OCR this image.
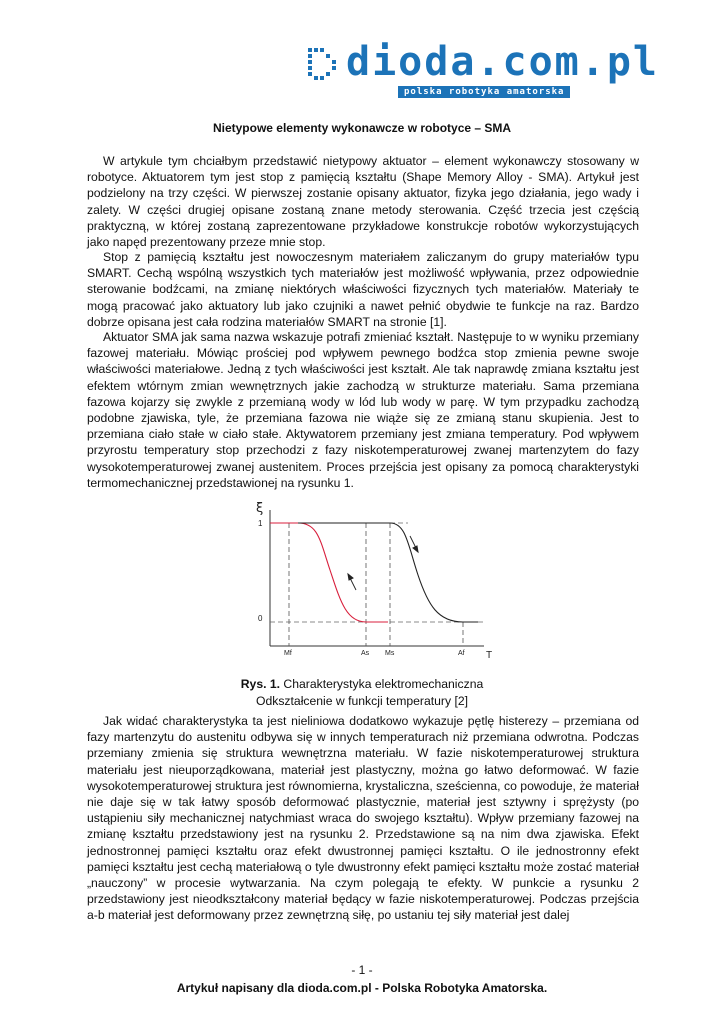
dioda.com.pl
polska robotyka amatorska
Nietypowe elementy wykonawcze w robotyce – SMA

W artykule tym chciałbym przedstawić nietypowy aktuator – element wykonawczy stosowany w robotyce. Aktuatorem tym jest stop z pamięcią kształtu (Shape Memory Alloy - SMA). Artykuł jest podzielony na trzy części. W pierwszej zostanie opisany aktuator, fizyka jego działania, jego wady i zalety. W części drugiej opisane zostaną znane metody sterowania. Część trzecia jest częścią praktyczną, w której zostaną zaprezentowane przykładowe konstrukcje robotów wykorzystujących jako napęd prezentowany przeze mnie stop.

Stop z pamięcią kształtu jest nowoczesnym materiałem zaliczanym do grupy materiałów typu SMART. Cechą wspólną wszystkich tych materiałów jest możliwość wpływania, przez odpowiednie sterowanie bodźcami, na zmianę niektórych właściwości fizycznych tych materiałów. Materiały te mogą pracować jako aktuatory lub jako czujniki a nawet pełnić obydwie te funkcje na raz. Bardzo dobrze opisana jest cała rodzina materiałów SMART na stronie [1].

Aktuator SMA jak sama nazwa wskazuje potrafi zmieniać kształt. Następuje to w wyniku przemiany fazowej materiału. Mówiąc prościej pod wpływem pewnego bodźca stop zmienia pewne swoje właściwości materiałowe. Jedną z tych właściwości jest kształt. Ale tak naprawdę zmiana kształtu jest efektem wtórnym zmian wewnętrznych jakie zachodzą w strukturze materiału. Sama przemiana fazowa kojarzy się zwykle z przemianą wody w lód lub wody w parę. W tym przypadku zachodzą podobne zjawiska, tyle, że przemiana fazowa nie wiąże się ze zmianą stanu skupienia. Jest to przemiana ciało stałe w ciało stałe. Aktywatorem przemiany jest zmiana temperatury. Pod wpływem przyrostu temperatury stop przechodzi z fazy niskotemperaturowej zwanej martenzytem do fazy wysokotemperaturowej zwanej austenitem. Proces przejścia jest opisany za pomocą charakterystyki termomechanicznej przedstawionej na rysunku 1.

ξ
T
1
0
Mf	As Ms	Af
Rys. 1. Charakterystyka elektromechaniczna
Odkształcenie w funkcji temperatury [2]

Jak widać charakterystyka ta jest nieliniowa dodatkowo wykazuje pętlę histerezy – przemiana od fazy martenzytu do austenitu odbywa się w innych temperaturach niż przemiana odwrotna. Podczas przemiany zmienia się struktura wewnętrzna materiału. W fazie niskotemperaturowej struktura materiału jest nieuporządkowana, materiał jest plastyczny, można go łatwo deformować. W fazie wysokotemperaturowej struktura jest równomierna, krystaliczna, sześcienna, co powoduje, że materiał nie daje się w tak łatwy sposób deformować plastycznie, materiał jest sztywny i sprężysty (po ustąpieniu siły mechanicznej natychmiast wraca do swojego kształtu). Wpływ przemiany fazowej na zmianę kształtu przedstawiony jest na rysunku 2. Przedstawione są na nim dwa zjawiska. Efekt jednostronnej pamięci kształtu oraz efekt dwustronnej pamięci kształtu. O ile jednostronny efekt pamięci kształtu jest cechą materiałową o tyle dwustronny efekt pamięci kształtu może zostać materiał „nauczony” w procesie wytwarzania. Na czym polegają te efekty. W punkcie a rysunku 2 przedstawiony jest nieodkształcony materiał będący w fazie niskotemperaturowej. Podczas przejścia a-b materiał jest deformowany przez zewnętrzną siłę, po ustaniu tej siły materiał jest dalej

- 1 -
Artykuł napisany dla dioda.com.pl - Polska Robotyka Amatorska.
